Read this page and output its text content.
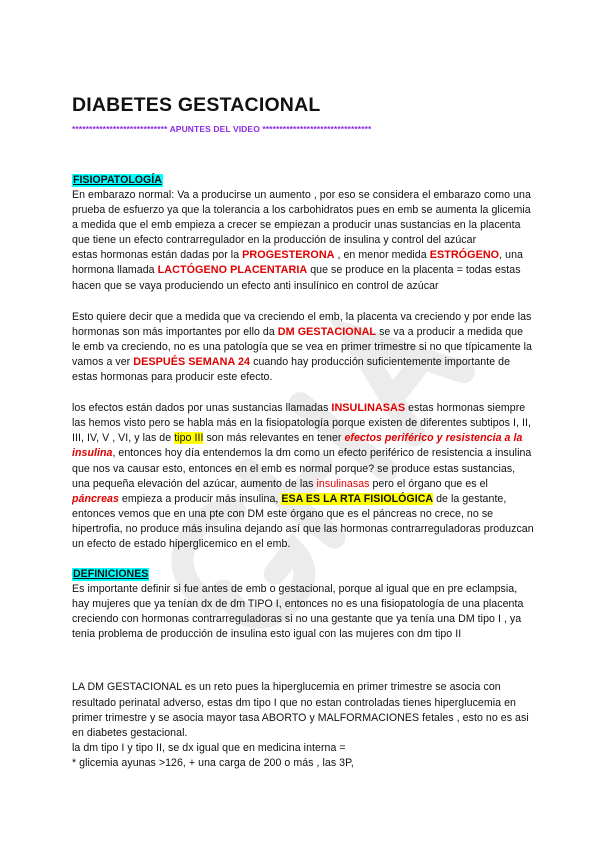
DIABETES GESTACIONAL
**************************** APUNTES DEL VIDEO ********************************
FISIOPATOLOGÍA

En embarazo normal: Va a producirse un aumento , por eso se considera el embarazo como una prueba de esfuerzo ya que la tolerancia a los carbohidratos pues en emb se aumenta la glicemia a medida que el emb empieza a crecer se empiezan a producir unas sustancias en la placenta que tiene un efecto contrarregulador en la producción de insulina y control del azúcar

estas hormonas están dadas por la PROGESTERONA , en menor medida ESTRÓGENO, una hormona llamada LACTÓGENO PLACENTARIA que se produce en la placenta = todas estas hacen que se vaya produciendo un efecto anti insulínico en control de azúcar

Esto quiere decir que a medida que va creciendo el emb, la placenta va creciendo y por ende las hormonas son más importantes por ello da DM GESTACIONAL se va a producir a medida que le emb va creciendo, no es una patología que se vea en primer trimestre si no que típicamente la vamos a ver DESPUÉS SEMANA 24 cuando hay producción suficientemente importante de estas hormonas para producir este efecto.

los efectos están dados por unas sustancias llamadas INSULINASAS estas hormonas siempre las hemos visto pero se habla más en la fisiopatología porque existen de diferentes subtipos I, II, III, IV, V , VI, y las de tipo III son más relevantes en tener efectos periférico y resistencia a la insulina, entonces hoy día entendemos la dm como un efecto periférico de resistencia a insulina que nos va causar esto, entonces en el emb es normal porque? se produce estas sustancias, una pequeña elevación del azúcar, aumento de las insulinasas pero el órgano que es el páncreas empieza a producir más insulina, ESA ES LA RTA FISIOLÓGICA de la gestante, entonces vemos que en una pte con DM este órgano que es el páncreas no crece, no se hipertrofia, no produce más insulina dejando así que las hormonas contrarreguladoras produzcan un efecto de estado hiperglicemico en el emb.

DEFINICIONES

Es importante definir si fue antes de emb o gestacional, porque al igual que en pre eclampsia, hay mujeres que ya tenían dx de dm TIPO I, entonces no es una fisiopatología de una placenta creciendo con hormonas contrarreguladoras si no una gestante que ya tenía una DM tipo I , ya tenia problema de producción de insulina esto igual con las mujeres con dm tipo II

LA DM GESTACIONAL es un reto pues la hiperglucemia en primer trimestre se asocia con resultado perinatal adverso, estas dm tipo I que no estan controladas tienes hiperglucemia en primer trimestre y se asocia mayor tasa ABORTO y MALFORMACIONES fetales , esto no es asi en diabetes gestacional.

la dm tipo I y tipo II, se dx igual que en medicina interna =

* glicemia ayunas >126, + una carga de 200 o más , las 3P,
